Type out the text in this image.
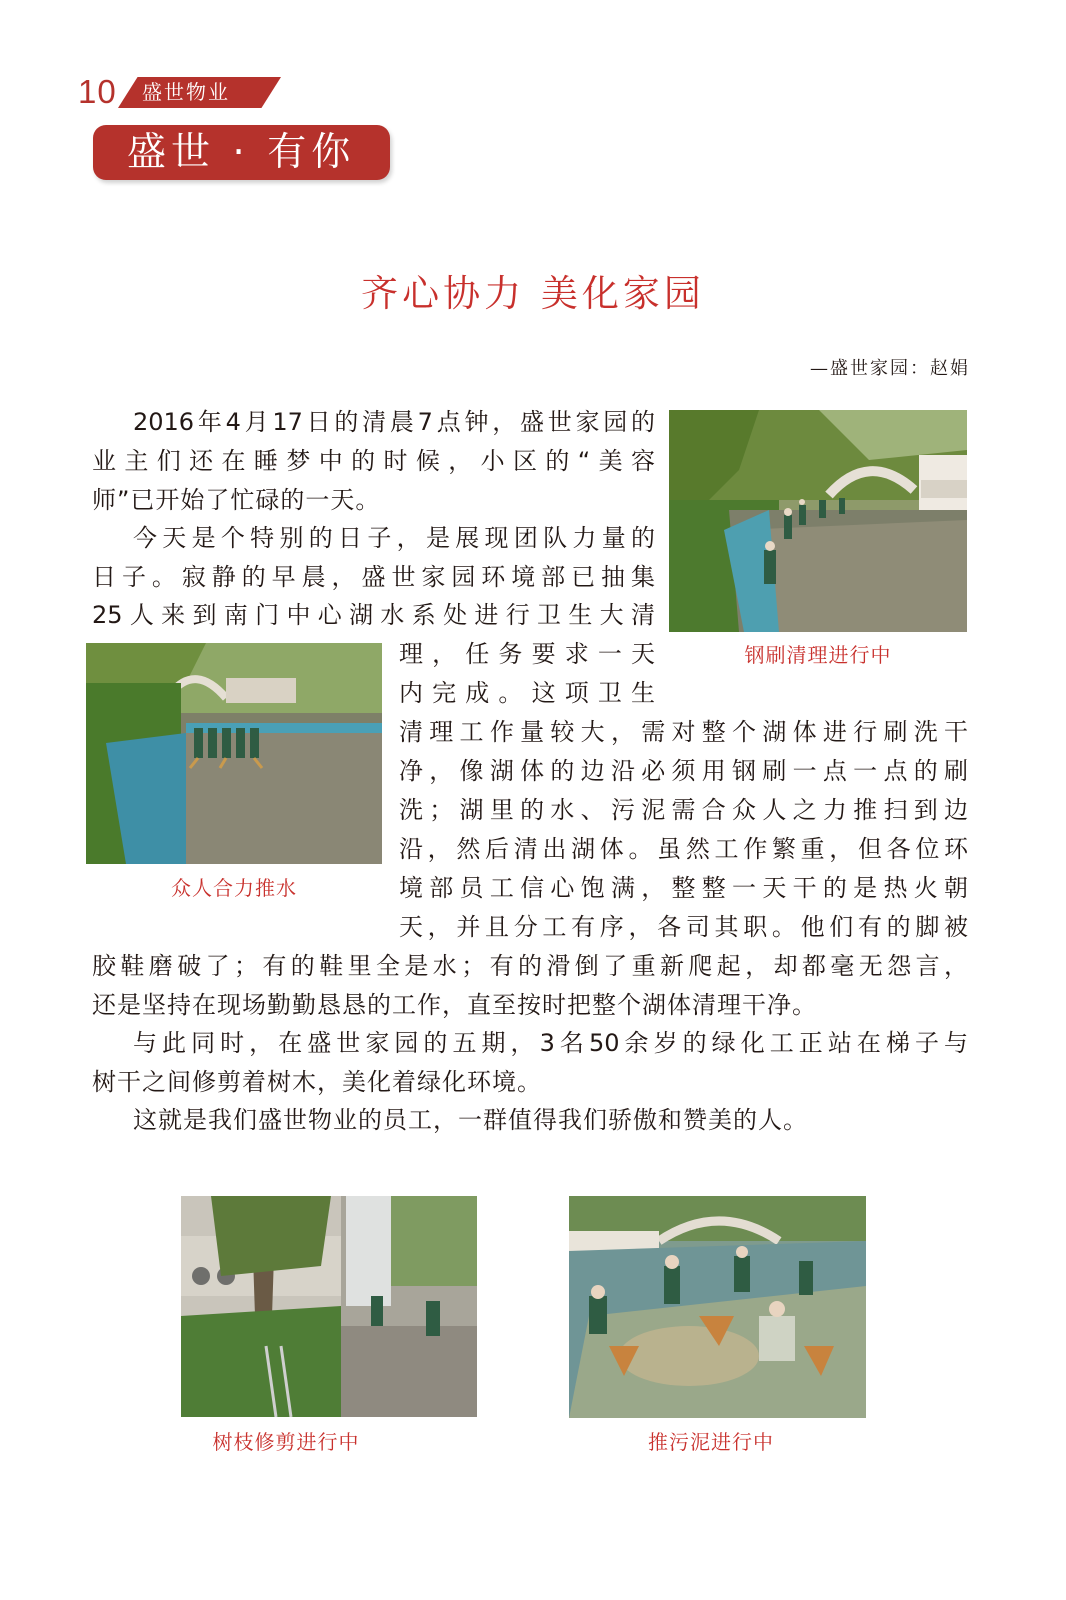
10 盛世物业
盛世 · 有你
齐心协力 美化家园
—盛世家园：赵娟
2016年4月17日的清晨7点钟，盛世家园的
业主们还在睡梦中的时候，小区的“美容
师”已开始了忙碌的一天。
今天是个特别的日子，是展现团队力量的
日子。寂静的早晨，盛世家园环境部已抽集
25人来到南门中心湖水系处进行卫生大清
理，任务要求一天
内完成。这项卫生
清理工作量较大，需对整个湖体进行刷洗干
净，像湖体的边沿必须用钢刷一点一点的刷
洗；湖里的水、污泥需合众人之力推扫到边
沿，然后清出湖体。虽然工作繁重，但各位环
境部员工信心饱满，整整一天干的是热火朝
天，并且分工有序，各司其职。他们有的脚被
胶鞋磨破了；有的鞋里全是水；有的滑倒了重新爬起，却都毫无怨言，
还是坚持在现场勤勤恳恳的工作，直至按时把整个湖体清理干净。
与此同时，在盛世家园的五期，3名50余岁的绿化工正站在梯子与
树干之间修剪着树木，美化着绿化环境。
这就是我们盛世物业的员工，一群值得我们骄傲和赞美的人。
钢刷清理进行中
众人合力推水
树枝修剪进行中	推污泥进行中
